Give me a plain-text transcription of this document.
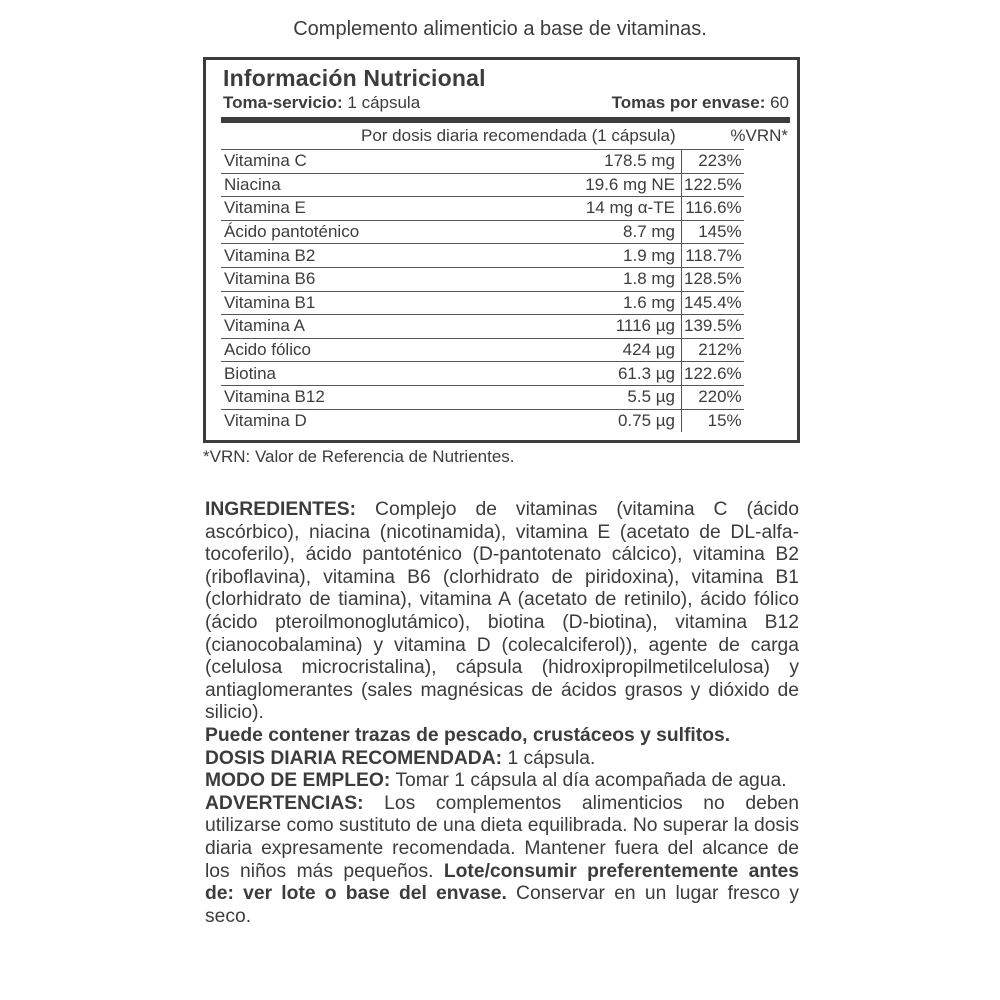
Complemento alimenticio a base de vitaminas.
Información Nutricional
Toma-servicio: 1 cápsula	Tomas por envase: 60
Por dosis diaria recomendada (1 cápsula)	%VRN*
Vitamina C	178.5 mg	223%
Niacina	19.6 mg NE	122.5%
Vitamina E	14 mg α-TE	116.6%
Ácido pantoténico	8.7 mg	145%
Vitamina B2	1.9 mg	118.7%
Vitamina B6	1.8 mg	128.5%
Vitamina B1	1.6 mg	145.4%
Vitamina A	1116 µg	139.5%
Acido fólico	424 µg	212%
Biotina	61.3 µg	122.6%
Vitamina B12	5.5 µg	220%
Vitamina D	0.75 µg	15%
*VRN: Valor de Referencia de Nutrientes.

INGREDIENTES: Complejo de vitaminas (vitamina C (ácido ascórbico), niacina (nicotinamida), vitamina E (acetato de DL-alfa-tocoferilo), ácido pantoténico (D-pantotenato cálcico), vitamina B2 (riboflavina), vitamina B6 (clorhidrato de piridoxina), vitamina B1 (clorhidrato de tiamina), vitamina A (acetato de retinilo), ácido fólico (ácido pteroilmonoglutámico), biotina (D-biotina), vitamina B12 (cianocobalamina) y vitamina D (colecalciferol)), agente de carga (celulosa microcristalina), cápsula (hidroxipropilmetilcelulosa) y antiaglomerantes (sales magnésicas de ácidos grasos y dióxido de silicio).

Puede contener trazas de pescado, crustáceos y sulfitos.

DOSIS DIARIA RECOMENDADA: 1 cápsula.

MODO DE EMPLEO: Tomar 1 cápsula al día acompañada de agua.

ADVERTENCIAS: Los complementos alimenticios no deben utilizarse como sustituto de una dieta equilibrada. No superar la dosis diaria expresamente recomendada. Mantener fuera del alcance de los niños más pequeños. Lote/consumir preferentemente antes de: ver lote o base del envase. Conservar en un lugar fresco y seco.
